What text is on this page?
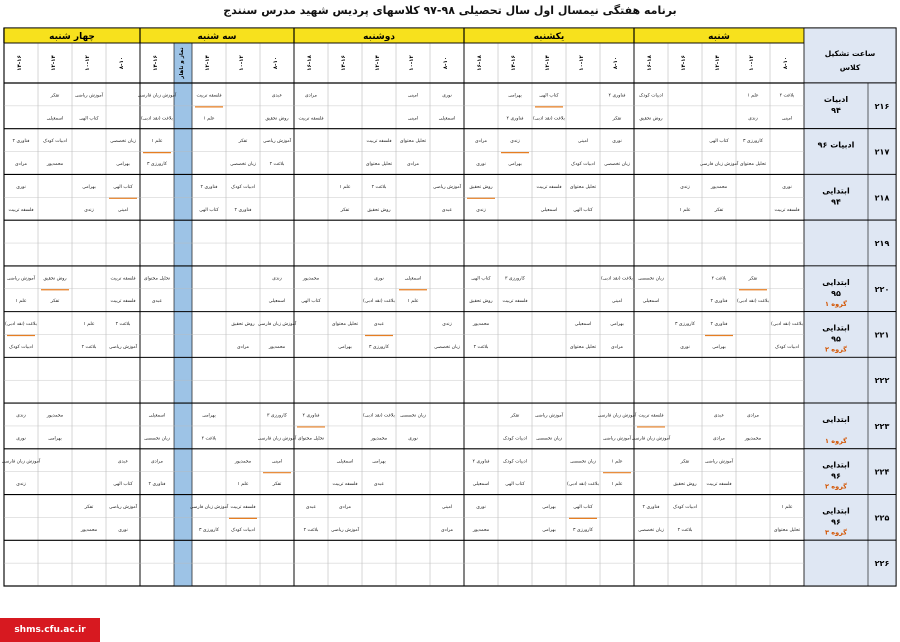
برنامه هفتگی نیمسال اول سال تحصیلی ۹۸-۹۷ کلاسهای پردیس شهید مدرس سنندج
ساعت تشکیل
کلاس
شنبه
۸-۱۰
۱۰-۱۲
۱۲-۱۴
۱۴-۱۶
۱۶-۱۸
یکشنبه
۸-۱۰
۱۰-۱۲
۱۲-۱۴
۱۴-۱۶
۱۶-۱۸
دوشنبه
۸-۱۰
۱۰-۱۲
۱۲-۱۴
۱۴-۱۶
۱۶-۱۸
سه شنبه
۸-۱۰
۱۰-۱۲
۱۲-۱۴
نماز و ناهار
۱۴-۱۶
چهار شنبه
۸-۱۰
۱۰-۱۲
۱۲-۱۴
۱۴-۱۶
۲۱۶
ادبیات
۹۴
بلاغت ۲
امینی
علم ۱
زندی
ادبیات کودک
روش تحقیق
فناوری ۲
تفکر
کتاب الهی
بلاغت (نقد ادبی)
بهرامی
فناوری ۲
نوری
اسمعیلی
امینی
امینی
مرادی
فلسفه تربیت
عبدی
روش تحقیق
فلسفه تربیت
علم ۱
آموزش زبان فارسی
بلاغت (نقد ادبی)
آموزش ریاضی
کتاب الهی
تفکر
اسمعیلی
۲۱۷
ادبیات ۹۶
کارورزی ۳
تحلیل محتوای
کتاب الهی
آموزش زبان فارسی
نوری
زبان تخصصی
امینی
ادبیات کودک
زندی
بهرامی
مرادی
نوری
تحلیل محتوای
مرادی
فلسفه تربیت
تحلیل محتوای
آموزش ریاضی
بلاغت ۲
تفکر
زبان تخصصی
علم ۱
کارورزی ۳
زبان تخصصی
بهرامی
ادبیات کودک
محمدپور
فناوری ۲
مرادی
۲۱۸
ابتدایی
۹۴
نوری
فلسفه تربیت
محمدپور
تفکر
زندی
علم ۱
تحلیل محتوای
کتاب الهی
فلسفه تربیت
اسمعیلی
روش تحقیق
زندی
آموزش ریاضی
عبدی
بلاغت ۲
روش تحقیق
علم ۱
تفکر
ادبیات کودک
فناوری ۲
فناوری ۲
کتاب الهی
کتاب الهی
امینی
بهرامی
زندی
نوری
فلسفه تربیت
۲۱۹
۲۲۰
ابتدایی
۹۵
گروه ۱
تفکر
بلاغت (نقد ادبی)
بلاغت ۲
فناوری ۲
زبان تخصصی
اسمعیلی
بلاغت (نقد ادبی)
امینی
کارورزی ۳
فلسفه تربیت
کتاب الهی
روش تحقیق
اسمعیلی
علم ۱
نوری
بلاغت (نقد ادبی)
محمدپور
کتاب الهی
زندی
اسمعیلی
تحلیل محتوای
عبدی
فلسفه تربیت
فلسفه تربیت
روش تحقیق
تفکر
آموزش ریاضی
علم ۱
۲۲۱
ابتدایی
۹۵
گروه ۲
بلاغت (نقد ادبی)
ادبیات کودک
فناوری ۲
بهرامی
کارورزی ۳
نوری
بهرامی
مرادی
اسمعیلی
تحلیل محتوای
محمدپور
بلاغت ۲
زندی
زبان تخصصی
عبدی
کارورزی ۳
تحلیل محتوای
بهرامی
آموزش زبان فارسی
محمدپور
روش تحقیق
مرادی
بلاغت ۲
آموزش ریاضی
علم ۱
بلاغت ۲
بلاغت (نقد ادبی)
ادبیات کودک
۲۲۲
۲۲۳
ابتدایی
گروه ۱
مرادی
محمدپور
عبدی
مرادی
فلسفه تربیت
آموزش زبان فارسی
آموزش زبان فارسی
آموزش ریاضی
آموزش ریاضی
زبان تخصصی
تفکر
ادبیات کودک
زبان تخصصی
نوری
بلاغت (نقد ادبی)
محمدپور
فناوری ۲
تحلیل محتوای
کارورزی ۳
آموزش زبان فارسی
بهرامی
بلاغت ۲
اسمعیلی
زبان تخصصی
محمدپور
بهرامی
زندی
نوری
۲۲۴
ابتدایی
۹۶
گروه ۲
آموزش ریاضی
فلسفه تربیت
تفکر
روش تحقیق
علم ۱
علم ۱
زبان تخصصی
بلاغت (نقد ادبی)
ادبیات کودک
کتاب الهی
فناوری ۲
اسمعیلی
بهرامی
عبدی
اسمعیلی
فلسفه تربیت
امینی
تفکر
محمدپور
علم ۱
مرادی
فناوری ۲
عبدی
کتاب الهی
آموزش زبان فارسی
زندی
۲۲۵
ابتدایی
۹۶
گروه ۳
علم ۱
تحلیل محتوای
ادبیات کودک
بلاغت ۲
فناوری ۲
زبان تخصصی
کتاب الهی
کارورزی ۳
بهرامی
بهرامی
نوری
محمدپور
امینی
مرادی
مرادی
آموزش ریاضی
عبدی
بلاغت ۲
فلسفه تربیت
ادبیات کودک
آموزش زبان فارسی
کارورزی ۳
آموزش ریاضی
نوری
تفکر
محمدپور
۲۲۶
shms.cfu.ac.ir
